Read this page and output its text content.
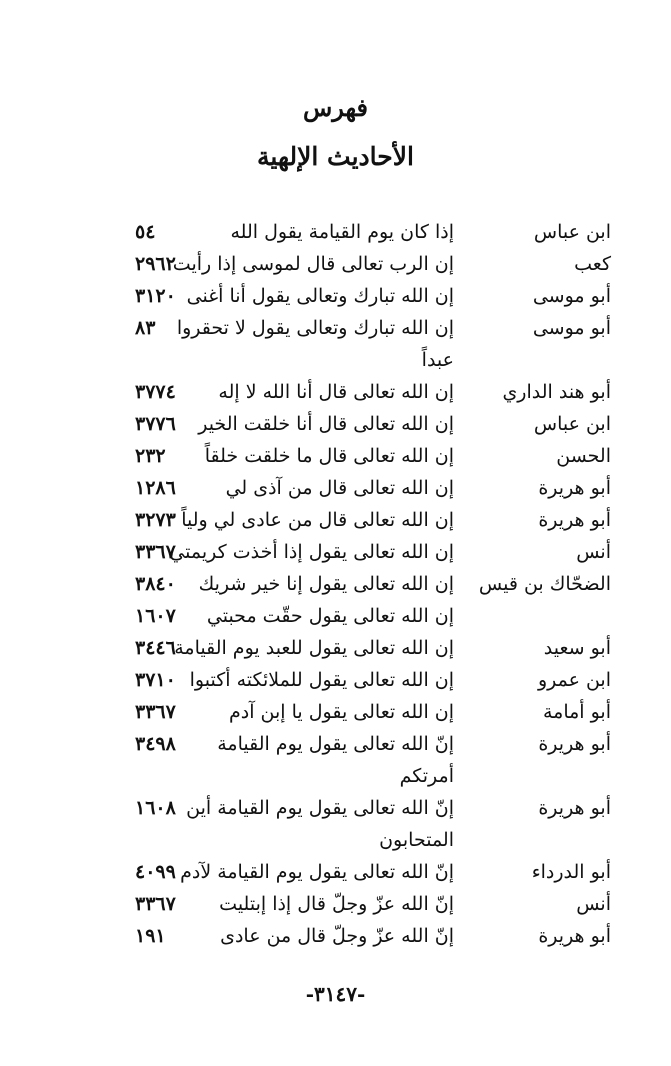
فهرس
الأحاديث الإلهية
ابن عباس
إذا كان يوم القيامة يقول الله
٥٤
كعب
إن الرب تعالى قال لموسى إذا رأيت
٢٩٦٢
أبو موسى
إن الله تبارك وتعالى يقول أنا أغنى
٣١٢٠
أبو موسى
إن الله تبارك وتعالى يقول لا تحقروا
عبداً
٨٣
أبو هند الداري
إن الله تعالى قال أنا الله لا إله
٣٧٧٤
ابن عباس
إن الله تعالى قال أنا خلقت الخير
٣٧٧٦
الحسن
إن الله تعالى قال ما خلقت خلقاً
٢٣٢
أبو هريرة
إن الله تعالى قال من آذى لي
١٢٨٦
أبو هريرة
إن الله تعالى قال من عادى لي ولياً
٣٢٧٣
أنس
إن الله تعالى يقول إذا أخذت كريمتي
٣٣٦٧
الضحّاك بن قيس
إن الله تعالى يقول إنا خير شريك
٣٨٤٠
إن الله تعالى يقول حقّت محبتي
١٦٠٧
أبو سعيد
إن الله تعالى يقول للعبد يوم القيامة
٣٤٤٦
ابن عمرو
إن الله تعالى يقول للملائكته أكتبوا
٣٧١٠
أبو أمامة
إن الله تعالى يقول يا إبن آدم
٣٣٦٧
أبو هريرة
إنّ الله تعالى يقول يوم القيامة
أمرتكم
٣٤٩٨
أبو هريرة
إنّ الله تعالى يقول يوم القيامة أين
المتحابون
١٦٠٨
أبو الدرداء
إنّ الله تعالى يقول يوم القيامة لآدم
٤٠٩٩
أنس
إنّ الله عزّ وجلّ قال إذا إبتليت
٣٣٦٧
أبو هريرة
إنّ الله عزّ وجلّ قال من عادى
١٩١
-٣١٤٧-
